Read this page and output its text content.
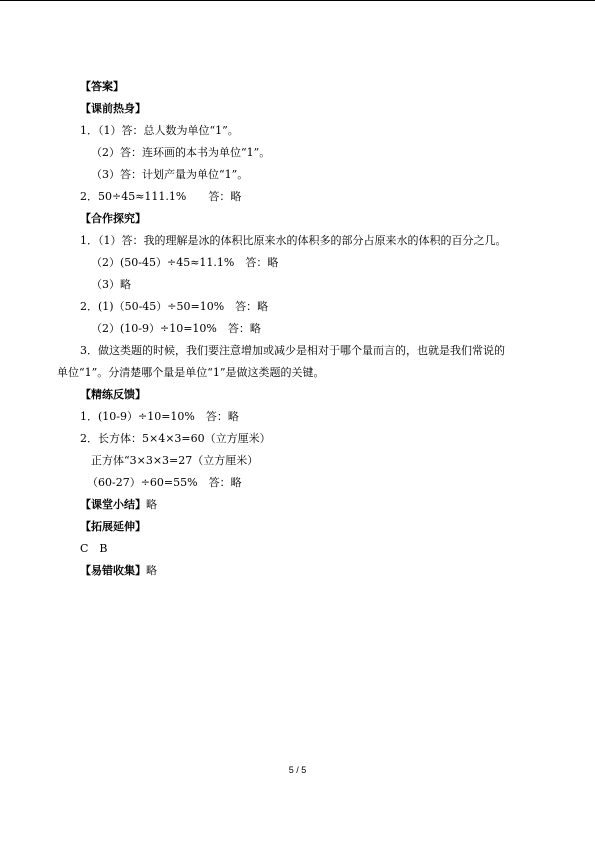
【答案】
【课前热身】
1．（1）答：总人数为单位“1”。
（2）答：连环画的本书为单位“1”。
（3）答：计划产量为单位“1”。
2．50÷45≈111.1%　　答：略
【合作探究】
1．（1）答：我的理解是冰的体积比原来水的体积多的部分占原来水的体积的百分之几。
（2）(50-45）÷45≈11.1%　答：略
（3）略
2．(1)（50-45）÷50=10%　答：略
（2）(10-9）÷10=10%　答：略
3．做这类题的时候，我们要注意增加或减少是相对于哪个量而言的，也就是我们常说的
单位“1”。分清楚哪个量是单位“1”是做这类题的关键。
【精练反馈】
1．(10-9）÷10=10%　答：略
2．长方体：5×4×3=60（立方厘米）
正方体“3×3×3=27（立方厘米）
（60-27）÷60=55%　答：略
【课堂小结】略
【拓展延伸】
C　B
【易错收集】略
5 / 5
